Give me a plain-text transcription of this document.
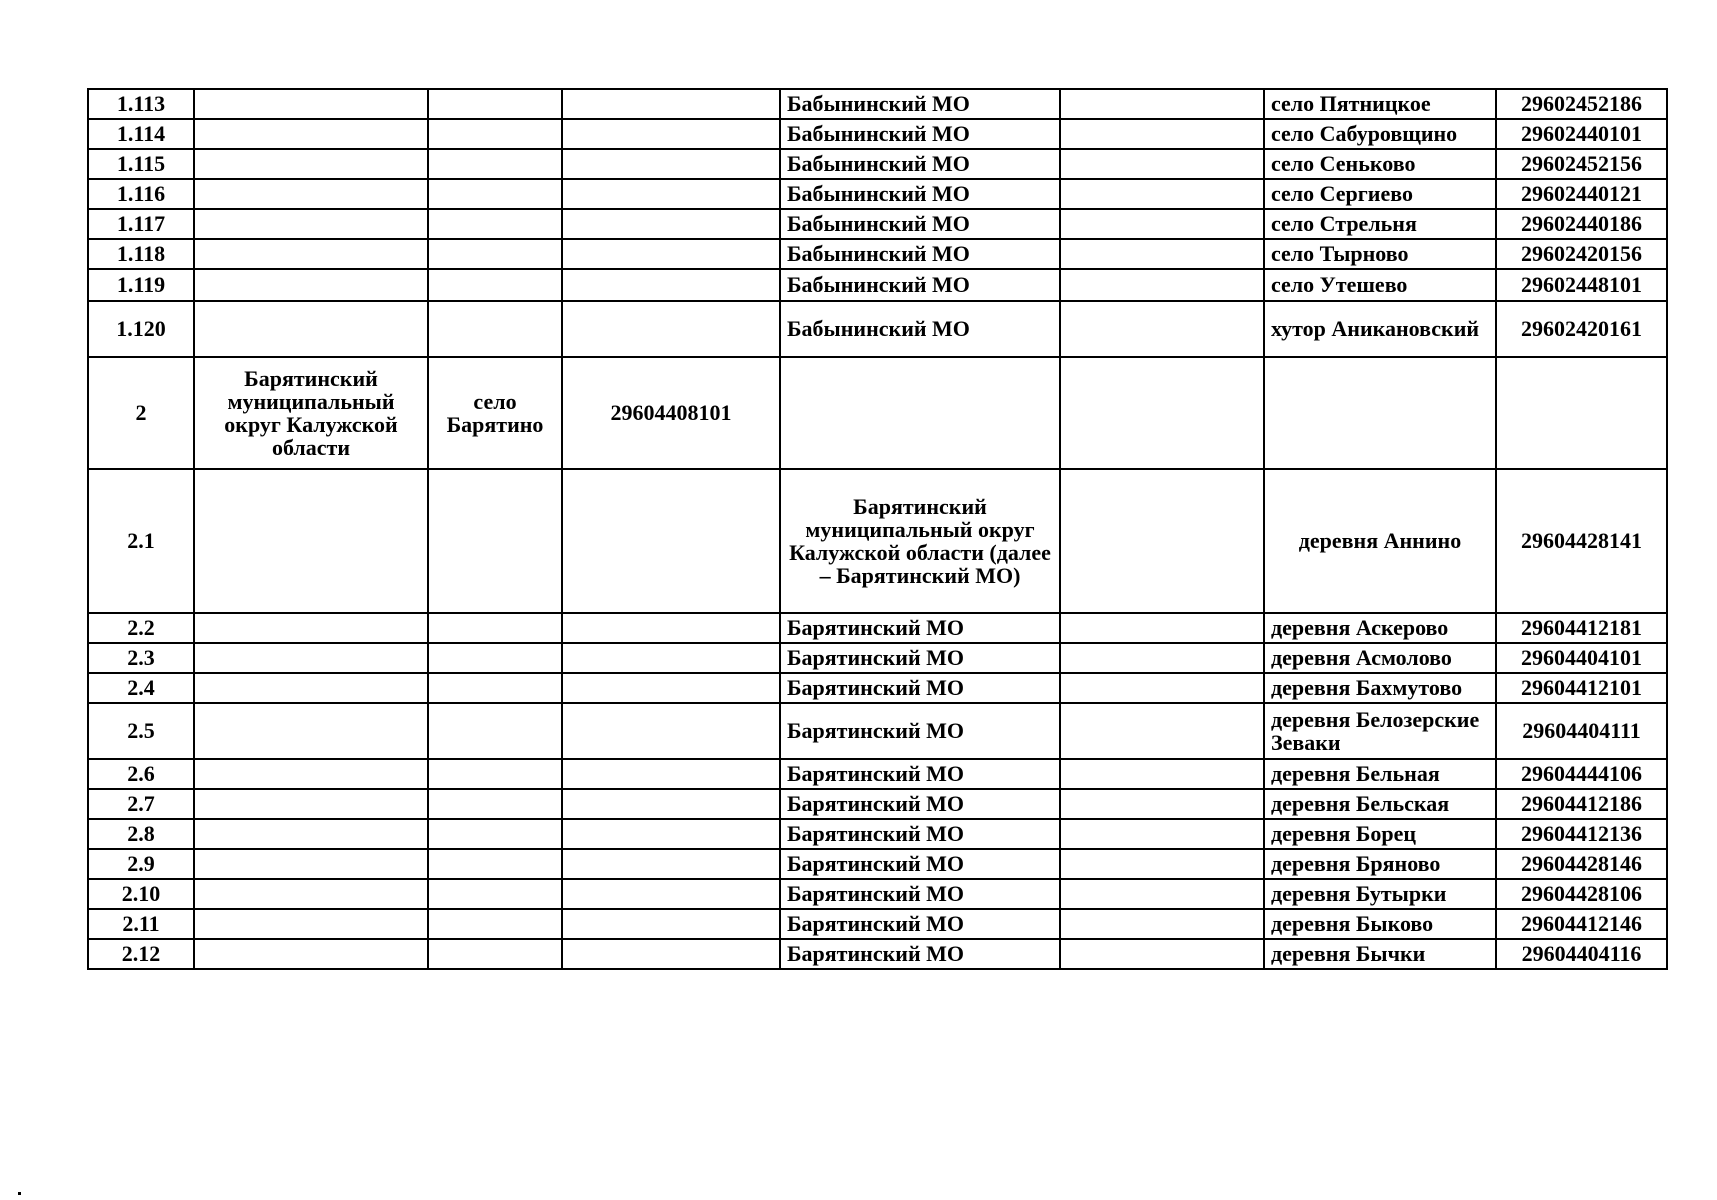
1.113				Бабынинский МО		село Пятницкое	29602452186
1.114				Бабынинский МО		село Сабуровщино	29602440101
1.115				Бабынинский МО		село Сеньково	29602452156
1.116				Бабынинский МО		село Сергиево	29602440121
1.117				Бабынинский МО		село Стрельня	29602440186
1.118				Бабынинский МО		село Тырново	29602420156
1.119				Бабынинский МО		село Утешево	29602448101
1.120				Бабынинский МО		хутор Аникановский	29602420161
2	Барятинский муниципальный округ Калужской области	село Барятино	29604408101				
2.1				Барятинский муниципальный округ Калужской области (далее – Барятинский МО)		деревня Аннино	29604428141
2.2				Барятинский МО		деревня Аскерово	29604412181
2.3				Барятинский МО		деревня Асмолово	29604404101
2.4				Барятинский МО		деревня Бахмутово	29604412101
2.5				Барятинский МО		деревня Белозерские Зеваки	29604404111
2.6				Барятинский МО		деревня Бельная	29604444106
2.7				Барятинский МО		деревня Бельская	29604412186
2.8				Барятинский МО		деревня Борец	29604412136
2.9				Барятинский МО		деревня Бряново	29604428146
2.10				Барятинский МО		деревня Бутырки	29604428106
2.11				Барятинский МО		деревня Быково	29604412146
2.12				Барятинский МО		деревня Бычки	29604404116
